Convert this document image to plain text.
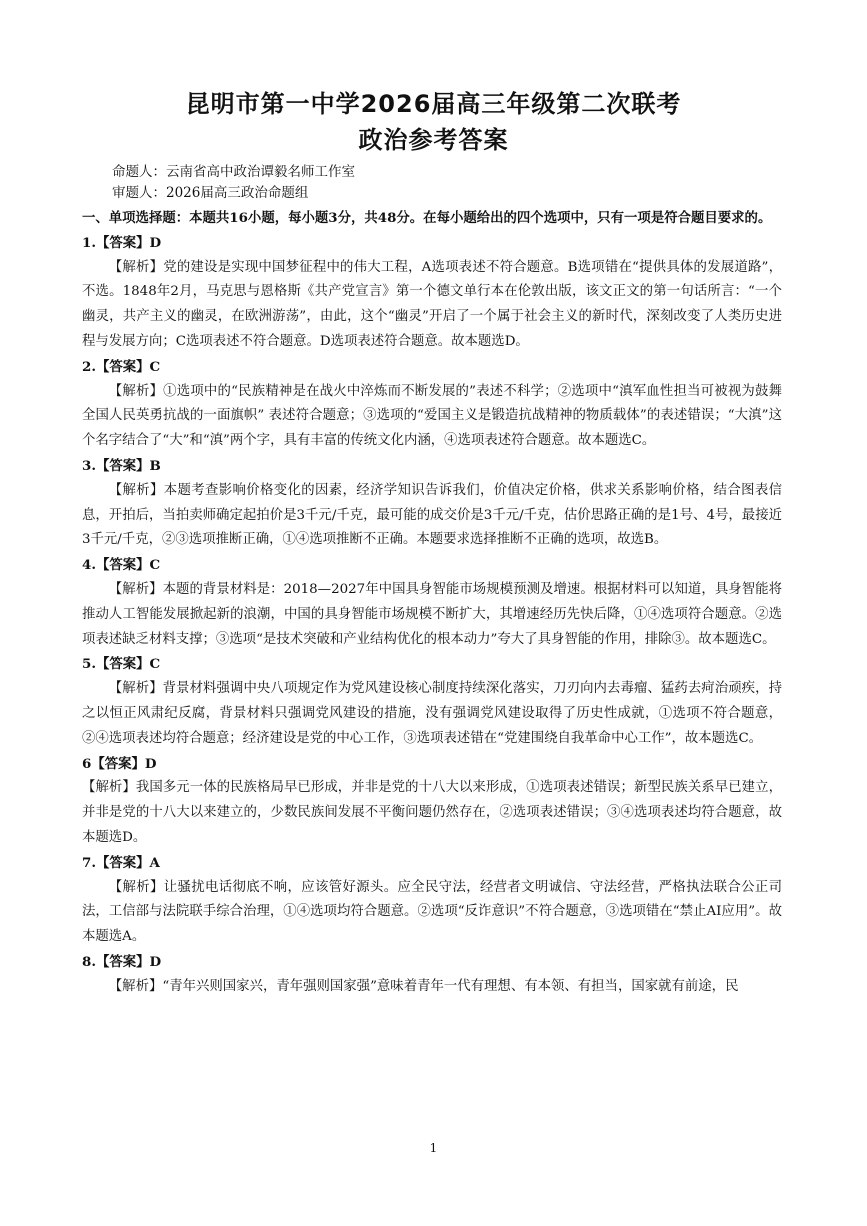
昆明市第一中学2026届高三年级第二次联考
政治参考答案
命题人：云南省高中政治谭毅名师工作室
审题人：2026届高三政治命题组

一、单项选择题：本题共16小题，每小题3分，共48分。在每小题给出的四个选项中，只有一项是符合题目要求的。

1.【答案】D

【解析】党的建设是实现中国梦征程中的伟大工程，A选项表述不符合题意。B选项错在“提供具体的发展道路”，不选。1848年2月，马克思与恩格斯《共产党宣言》第一个德文单行本在伦敦出版，该文正文的第一句话所言：“一个幽灵，共产主义的幽灵，在欧洲游荡”，由此，这个“幽灵”开启了一个属于社会主义的新时代，深刻改变了人类历史进程与发展方向；C选项表述不符合题意。D选项表述符合题意。故本题选D。

2.【答案】C

【解析】①选项中的“民族精神是在战火中淬炼而不断发展的”表述不科学；②选项中“滇军血性担当可被视为鼓舞全国人民英勇抗战的一面旗帜” 表述符合题意；③选项的“爱国主义是锻造抗战精神的物质载体”的表述错误；“大滇”这个名字结合了“大”和“滇”两个字，具有丰富的传统文化内涵，④选项表述符合题意。故本题选C。

3.【答案】B

【解析】本题考查影响价格变化的因素，经济学知识告诉我们，价值决定价格，供求关系影响价格，结合图表信息，开拍后，当拍卖师确定起拍价是3千元/千克，最可能的成交价是3千元/千克，估价思路正确的是1号、4号，最接近3千元/千克，②③选项推断正确，①④选项推断不正确。本题要求选择推断不正确的选项，故选B。

4.【答案】C

【解析】本题的背景材料是：2018—2027年中国具身智能市场规模预测及增速。根据材料可以知道，具身智能将推动人工智能发展掀起新的浪潮，中国的具身智能市场规模不断扩大，其增速经历先快后降，①④选项符合题意。②选项表述缺乏材料支撑；③选项“是技术突破和产业结构优化的根本动力”夸大了具身智能的作用，排除③。故本题选C。

5.【答案】C

【解析】背景材料强调中央八项规定作为党风建设核心制度持续深化落实，刀刃向内去毒瘤、猛药去疴治顽疾，持之以恒正风肃纪反腐，背景材料只强调党风建设的措施，没有强调党风建设取得了历史性成就，①选项不符合题意，②④选项表述均符合题意；经济建设是党的中心工作，③选项表述错在“党建围绕自我革命中心工作”，故本题选C。

6【答案】D

【解析】我国多元一体的民族格局早已形成，并非是党的十八大以来形成，①选项表述错误；新型民族关系早已建立，并非是党的十八大以来建立的，少数民族间发展不平衡问题仍然存在，②选项表述错误；③④选项表述均符合题意，故本题选D。

7.【答案】A

【解析】让骚扰电话彻底不响，应该管好源头。应全民守法，经营者文明诚信、守法经营，严格执法联合公正司法，工信部与法院联手综合治理，①④选项均符合题意。②选项“反诈意识”不符合题意，③选项错在“禁止AI应用”。故本题选A。

8.【答案】D

【解析】“青年兴则国家兴，青年强则国家强”意味着青年一代有理想、有本领、有担当，国家就有前途，民

1
